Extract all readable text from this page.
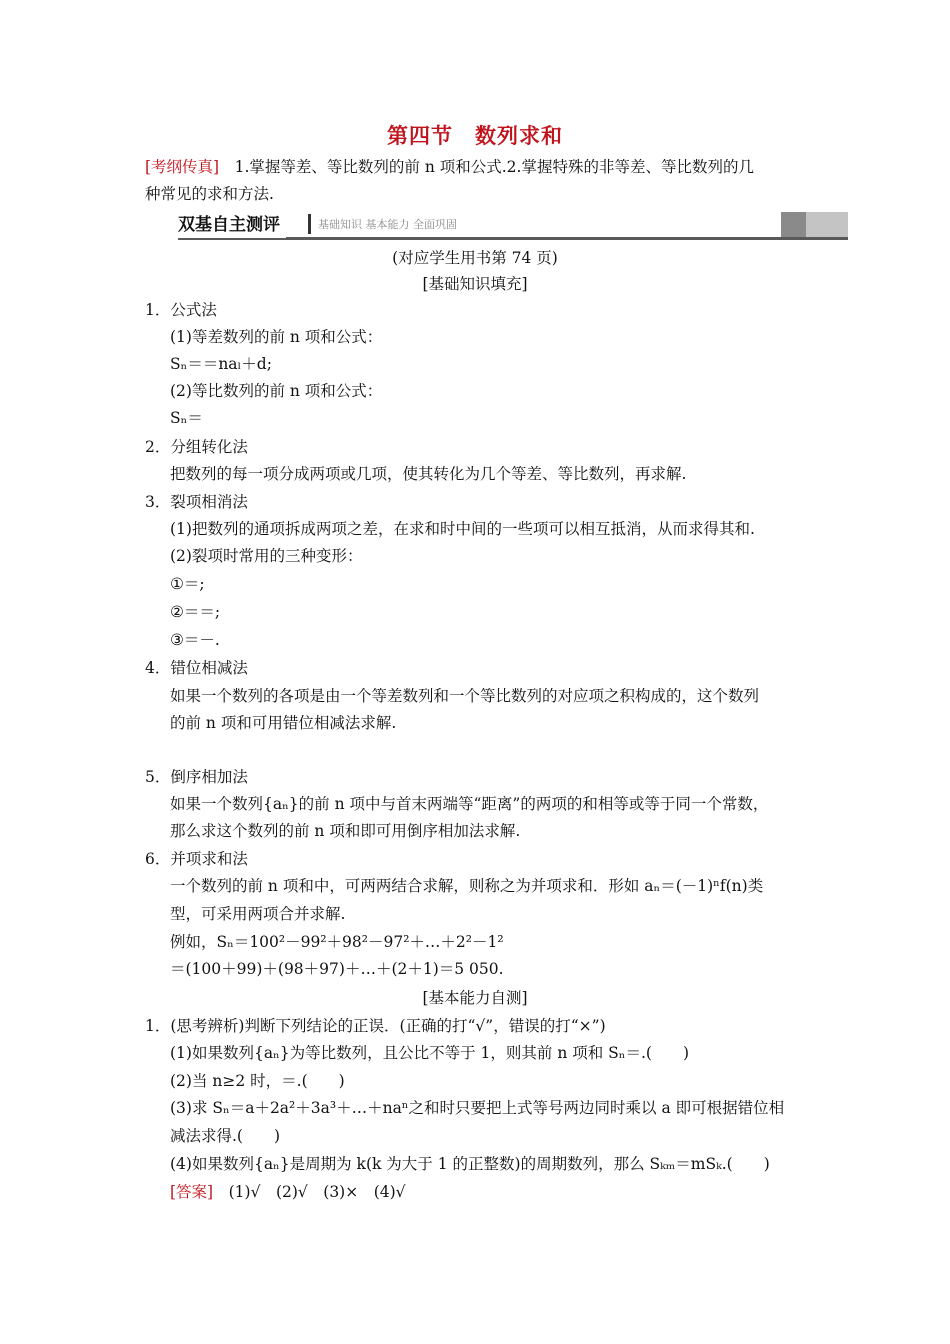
第四节　数列求和
[考纲传真]　1.掌握等差、等比数列的前 n 项和公式.2.掌握特殊的非等差、等比数列的几
种常见的求和方法.
双基自主测评	基础知识 基本能力 全面巩固
(对应学生用书第 74 页)
[基础知识填充]
1．公式法
(1)等差数列的前 n 项和公式：
Sₙ＝＝naₗ＋d;
(2)等比数列的前 n 项和公式：
Sₙ＝
2．分组转化法
把数列的每一项分成两项或几项，使其转化为几个等差、等比数列，再求解.
3．裂项相消法
(1)把数列的通项拆成两项之差，在求和时中间的一些项可以相互抵消，从而求得其和.
(2)裂项时常用的三种变形：
①＝;
②＝＝;
③＝－.
4．错位相减法
如果一个数列的各项是由一个等差数列和一个等比数列的对应项之积构成的，这个数列
的前 n 项和可用错位相减法求解.
5．倒序相加法
如果一个数列{aₙ}的前 n 项中与首末两端等“距离”的两项的和相等或等于同一个常数，
那么求这个数列的前 n 项和即可用倒序相加法求解.
6．并项求和法
一个数列的前 n 项和中，可两两结合求解，则称之为并项求和．形如 aₙ＝(－1)ⁿf(n)类
型，可采用两项合并求解.
例如，Sₙ＝100²－99²＋98²－97²＋…＋2²－1²
＝(100＋99)＋(98＋97)＋…＋(2＋1)＝5 050.
[基本能力自测]
1．(思考辨析)判断下列结论的正误．(正确的打“√”，错误的打“×”)
(1)如果数列{aₙ}为等比数列，且公比不等于 1，则其前 n 项和 Sₙ＝.(　　)
(2)当 n≥2 时，＝.(　　)
(3)求 Sₙ＝a＋2a²＋3a³＋…＋naⁿ之和时只要把上式等号两边同时乘以 a 即可根据错位相
减法求得.(　　)
(4)如果数列{aₙ}是周期为 k(k 为大于 1 的正整数)的周期数列，那么 Sₖₘ＝mSₖ.(　　)
[答案]　(1)√　(2)√　(3)×　(4)√
